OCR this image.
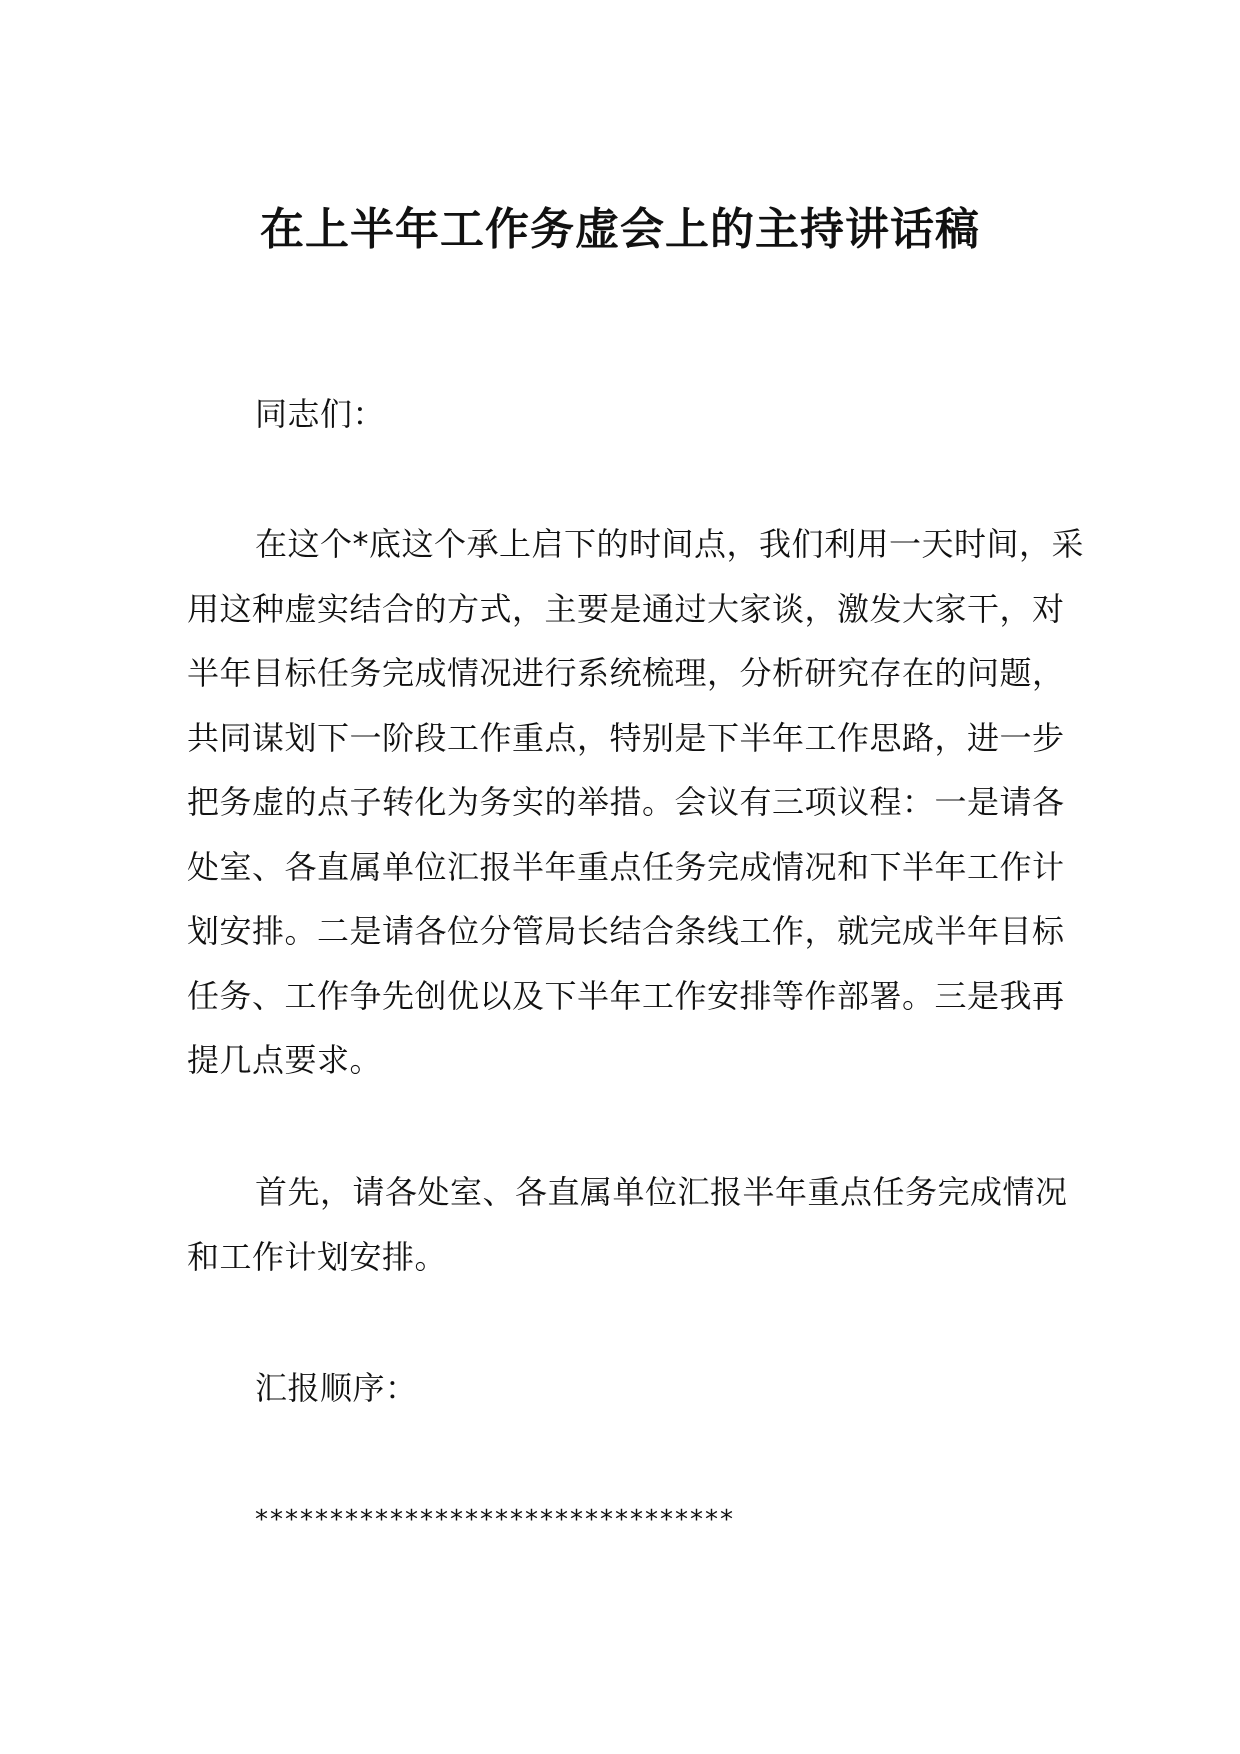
在上半年工作务虚会上的主持讲话稿

同志们：

在这个*底这个承上启下的时间点，我们利用一天时间，采用这种虚实结合的方式，主要是通过大家谈，激发大家干，对半年目标任务完成情况进行系统梳理，分析研究存在的问题，共同谋划下一阶段工作重点，特别是下半年工作思路，进一步把务虚的点子转化为务实的举措。会议有三项议程：一是请各处室、各直属单位汇报半年重点任务完成情况和下半年工作计划安排。二是请各位分管局长结合条线工作，就完成半年目标任务、工作争先创优以及下半年工作安排等作部署。三是我再提几点要求。

首先，请各处室、各直属单位汇报半年重点任务完成情况和工作计划安排。

汇报顺序：

********************************
